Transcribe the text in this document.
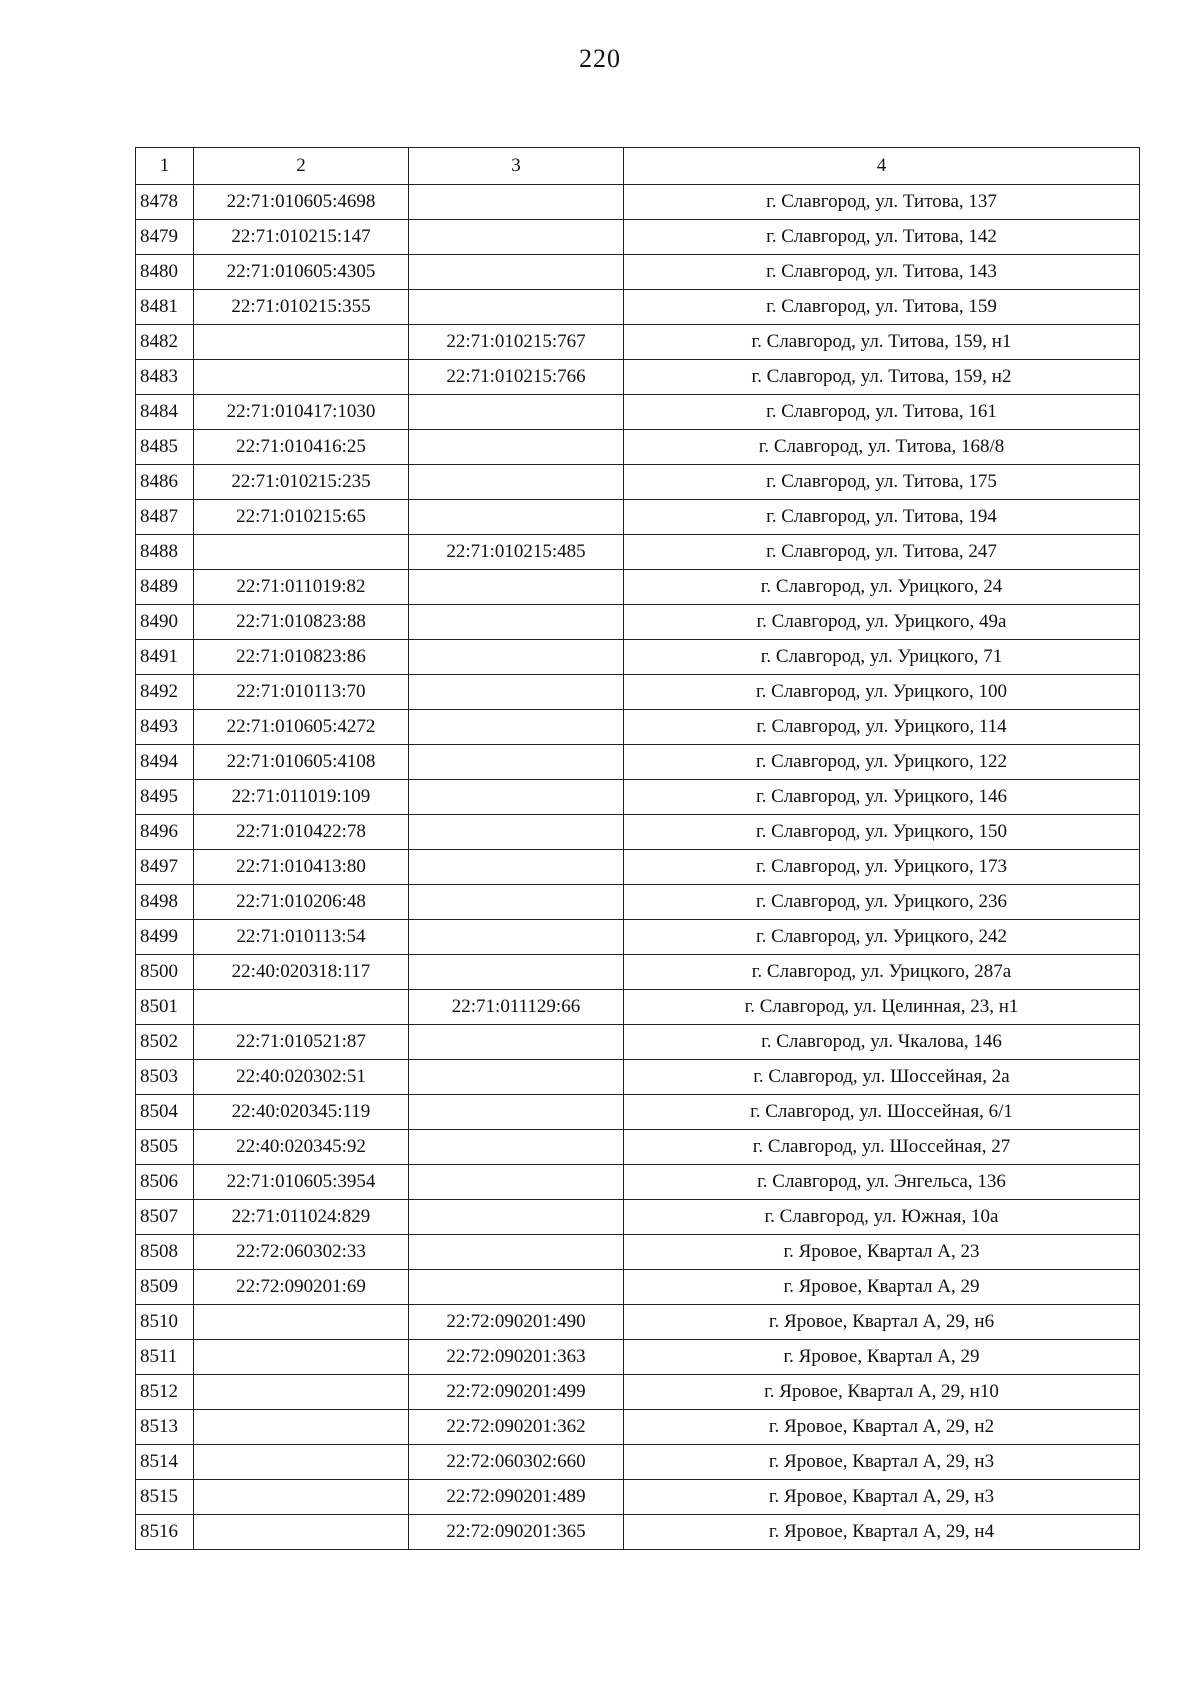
220
1	2	3	4
8478	22:71:010605:4698		г. Славгород, ул. Титова, 137
8479	22:71:010215:147		г. Славгород, ул. Титова, 142
8480	22:71:010605:4305		г. Славгород, ул. Титова, 143
8481	22:71:010215:355		г. Славгород, ул. Титова, 159
8482		22:71:010215:767	г. Славгород, ул. Титова, 159, н1
8483		22:71:010215:766	г. Славгород, ул. Титова, 159, н2
8484	22:71:010417:1030		г. Славгород, ул. Титова, 161
8485	22:71:010416:25		г. Славгород, ул. Титова, 168/8
8486	22:71:010215:235		г. Славгород, ул. Титова, 175
8487	22:71:010215:65		г. Славгород, ул. Титова, 194
8488		22:71:010215:485	г. Славгород, ул. Титова, 247
8489	22:71:011019:82		г. Славгород, ул. Урицкого, 24
8490	22:71:010823:88		г. Славгород, ул. Урицкого, 49а
8491	22:71:010823:86		г. Славгород, ул. Урицкого, 71
8492	22:71:010113:70		г. Славгород, ул. Урицкого, 100
8493	22:71:010605:4272		г. Славгород, ул. Урицкого, 114
8494	22:71:010605:4108		г. Славгород, ул. Урицкого, 122
8495	22:71:011019:109		г. Славгород, ул. Урицкого, 146
8496	22:71:010422:78		г. Славгород, ул. Урицкого, 150
8497	22:71:010413:80		г. Славгород, ул. Урицкого, 173
8498	22:71:010206:48		г. Славгород, ул. Урицкого, 236
8499	22:71:010113:54		г. Славгород, ул. Урицкого, 242
8500	22:40:020318:117		г. Славгород, ул. Урицкого, 287а
8501		22:71:011129:66	г. Славгород, ул. Целинная, 23, н1
8502	22:71:010521:87		г. Славгород, ул. Чкалова, 146
8503	22:40:020302:51		г. Славгород, ул. Шоссейная, 2а
8504	22:40:020345:119		г. Славгород, ул. Шоссейная, 6/1
8505	22:40:020345:92		г. Славгород, ул. Шоссейная, 27
8506	22:71:010605:3954		г. Славгород, ул. Энгельса, 136
8507	22:71:011024:829		г. Славгород, ул. Южная, 10а
8508	22:72:060302:33		г. Яровое, Квартал А, 23
8509	22:72:090201:69		г. Яровое, Квартал А, 29
8510		22:72:090201:490	г. Яровое, Квартал А, 29, н6
8511		22:72:090201:363	г. Яровое, Квартал А, 29
8512		22:72:090201:499	г. Яровое, Квартал А, 29, н10
8513		22:72:090201:362	г. Яровое, Квартал А, 29, н2
8514		22:72:060302:660	г. Яровое, Квартал А, 29, н3
8515		22:72:090201:489	г. Яровое, Квартал А, 29, н3
8516		22:72:090201:365	г. Яровое, Квартал А, 29, н4
